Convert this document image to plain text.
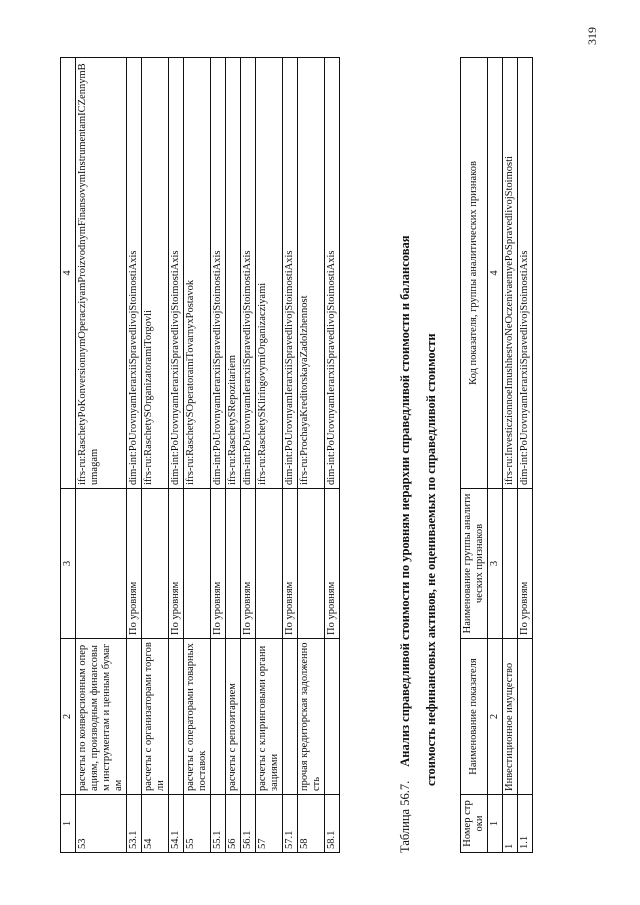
1	2	3	4
53	расчеты по конверсионным операциям, производным финансовым инструментам и ценным бумагам		ifrs-ru:RaschetyPoKonversionnymOperacziyamProizvodnymFinansovymInstrumentamICZennymBumagam
53.1		По уровням	dim-int:PoUrovnyamIerarxiiSpravedlivojStoimostiAxis
54	расчеты с организаторами торговли		ifrs-ru:RaschetySOrganizatoramiTorgovli
54.1		По уровням	dim-int:PoUrovnyamIerarxiiSpravedlivojStoimostiAxis
55	расчеты с операторами товарных поставок		ifrs-ru:RaschetySOperatoramiTovarnyxPostavok
55.1		По уровням	dim-int:PoUrovnyamIerarxiiSpravedlivojStoimostiAxis
56	расчеты с репозитарием		ifrs-ru:RaschetySRepozitariem
56.1		По уровням	dim-int:PoUrovnyamIerarxiiSpravedlivojStoimostiAxis
57	расчеты с клиринговыми организациями		ifrs-ru:RaschetySKliringovymiOrganizacziyami
57.1		По уровням	dim-int:PoUrovnyamIerarxiiSpravedlivojStoimostiAxis
58	прочая кредиторская задолженность		ifrs-ru:ProchayaKreditorskayaZadolzhennost
58.1		По уровням	dim-int:PoUrovnyamIerarxiiSpravedlivojStoimostiAxis
Таблица 56.7.Анализ справедливой стоимости по уровням иерархии справедливой стоимости и балансовая стоимость нефинансовых активов, не оцениваемых по справедливой стоимости
Номер строки	Наименование показателя	Наименование группы аналитических признаков	Код показателя, группы аналитических признаков
1	2	3	4
1	Инвестиционное имущество		ifrs-ru:InvesticzionnoeImushhestvoNeOczenivaemyePoSpravedlivojStoimosti
1.1		По уровням	dim-int:PoUrovnyamIerarxiiSpravedlivojStoimostiAxis
319
